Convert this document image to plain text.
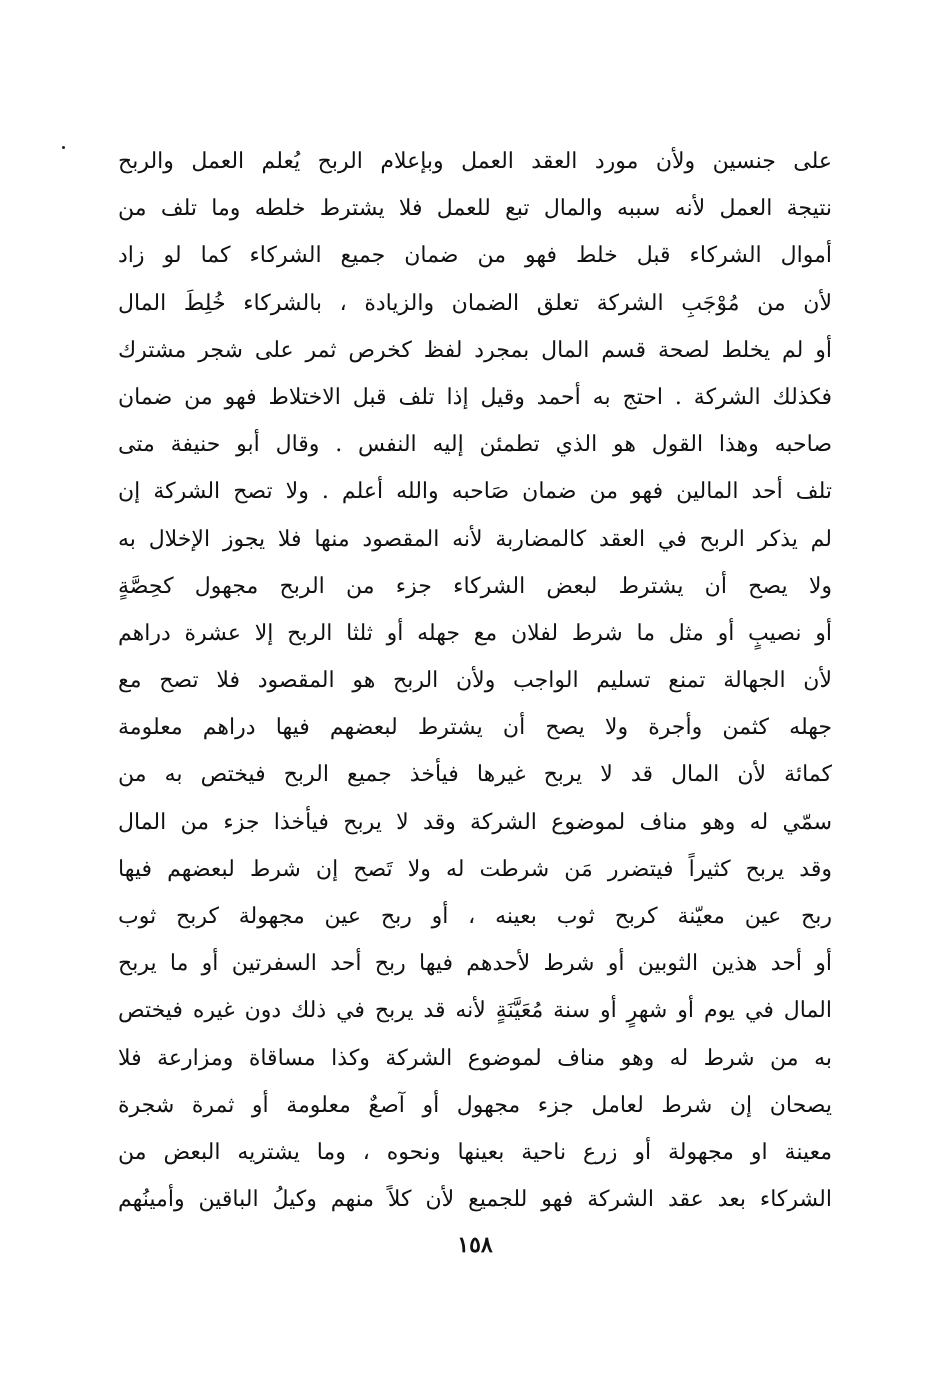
على جنسين ولأن مورد العقد العمل وبإعلام الربح يُعلم العمل والربح
نتيجة العمل لأنه سببه والمال تبع للعمل فلا يشترط خلطه وما تلف من
أموال الشركاء قبل خلط فهو من ضمان جميع الشركاء كما لو زاد
لأن من مُوْجَبِ الشركة تعلق الضمان والزيادة ، بالشركاء خُلِطَ المال
أو لم يخلط لصحة قسم المال بمجرد لفظ كخرص ثمر على شجر مشترك
فكذلك الشركة . احتج به أحمد وقيل إذا تلف قبل الاختلاط فهو من ضمان
صاحبه وهذا القول هو الذي تطمئن إليه النفس . وقال أبو حنيفة متى
تلف أحد المالين فهو من ضمان صَاحبه والله أعلم . ولا تصح الشركة إن
لم يذكر الربح في العقد كالمضاربة لأنه المقصود منها فلا يجوز الإخلال به
ولا يصح أن يشترط لبعض الشركاء جزء من الربح مجهول كحِصَّةٍ
أو نصيبٍ أو مثل ما شرط لفلان مع جهله أو ثلثا الربح إلا عشرة دراهم
لأن الجهالة تمنع تسليم الواجب ولأن الربح هو المقصود فلا تصح مع
جهله كثمن وأجرة ولا يصح أن يشترط لبعضهم فيها دراهم معلومة
كمائة لأن المال قد لا يربح غيرها فيأخذ جميع الربح فيختص به من
سمّي له وهو مناف لموضوع الشركة وقد لا يربح فيأخذا جزء من المال
وقد يربح كثيراً فيتضرر مَن شرطت له ولا تَصح إن شرط لبعضهم فيها
ربح عين معيّنة كربح ثوب بعينه ، أو ربح عين مجهولة كربح ثوب
أو أحد هذين الثوبين أو شرط لأحدهم فيها ربح أحد السفرتين أو ما يربح
المال في يوم أو شهرٍ أو سنة مُعَيَّنَةٍ لأنه قد يربح في ذلك دون غيره فيختص
به من شرط له وهو مناف لموضوع الشركة وكذا مساقاة ومزارعة فلا
يصحان إن شرط لعامل جزء مجهول أو آصعٌ معلومة أو ثمرة شجرة
معينة او مجهولة أو زرع ناحية بعينها ونحوه ، وما يشتريه البعض من
الشركاء بعد عقد الشركة فهو للجميع لأن كلاً منهم وكيلُ الباقين وأمينُهم
١٥٨
